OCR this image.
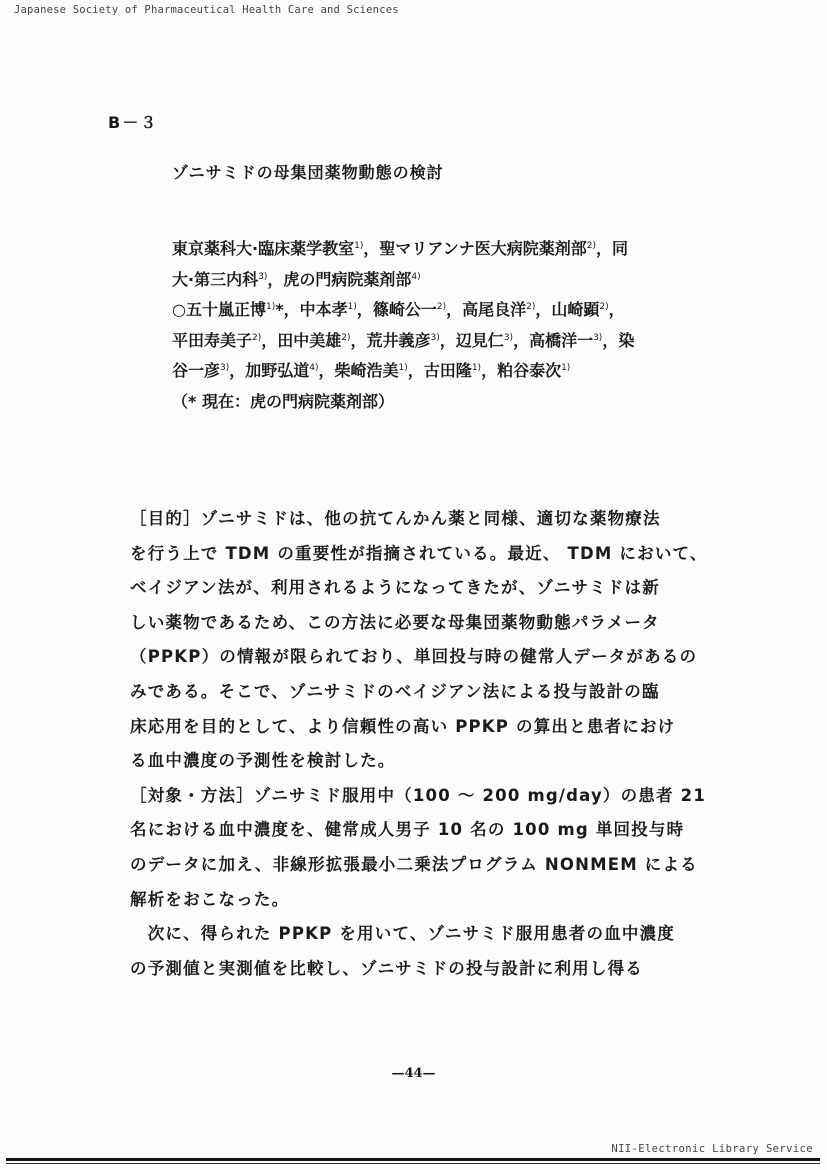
Japanese Society of Pharmaceutical Health Care and Sciences
B－３
ゾニサミドの母集団薬物動態の検討

東京薬科大·臨床薬学教室$^{1)}$，聖マリアンナ医大病院薬剤部$^{2)}$，同

大·第三内科$^{3)}$，虎の門病院薬剤部$^{4)}$

○五十嵐正博$^{1)}$*，中本孝$^{1)}$，篠崎公一$^{2)}$，高尾良洋$^{2)}$，山崎顕$^{2)}$，

平田寿美子$^{2)}$，田中美雄$^{2)}$，荒井義彦$^{3)}$，辺見仁$^{3)}$，高橋洋一$^{3)}$，染

谷一彦$^{3)}$，加野弘道$^{4)}$，柴崎浩美$^{1)}$，古田隆$^{1)}$，粕谷泰次$^{1)}$

（* 現在：虎の門病院薬剤部）

［目的］ゾニサミドは、他の抗てんかん薬と同様、適切な薬物療法

を行う上で TDM の重要性が指摘されている。最近、 TDM において、

ベイジアン法が、利用されるようになってきたが、ゾニサミドは新

しい薬物であるため、この方法に必要な母集団薬物動態パラメータ

（PPKP）の情報が限られており、単回投与時の健常人データがあるの

みである。そこで、ゾニサミドのベイジアン法による投与設計の臨

床応用を目的として、より信頼性の高い PPKP の算出と患者におけ

る血中濃度の予測性を検討した。

［対象・方法］ゾニサミド服用中（100 ～ 200 mg/day）の患者 21

名における血中濃度を、健常成人男子 10 名の 100 mg 単回投与時

のデータに加え、非線形拡張最小二乗法プログラム NONMEM による

解析をおこなった。

　次に、得られた PPKP を用いて、ゾニサミド服用患者の血中濃度

の予測値と実測値を比較し、ゾニサミドの投与設計に利用し得る

—44—
NII-Electronic Library Service
